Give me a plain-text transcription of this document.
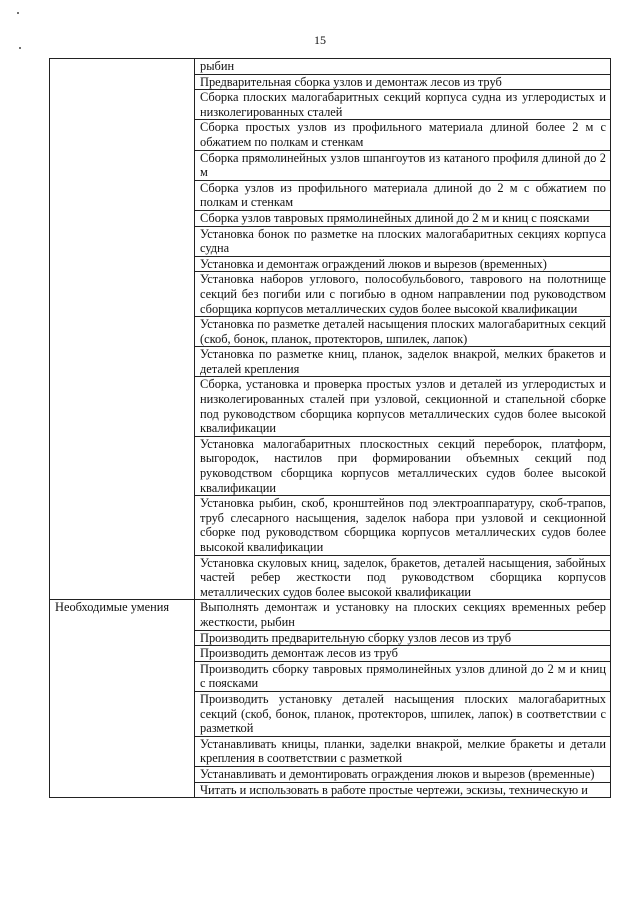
15
	рыбин
	Предварительная сборка узлов и демонтаж лесов из труб
	Сборка плоских малогабаритных секций корпуса судна из углеродистых и низколегированных сталей
	Сборка простых узлов из профильного материала длиной более 2 м с обжатием по полкам и стенкам
	Сборка прямолинейных узлов шпангоутов из катаного профиля длиной до 2 м
	Сборка узлов из профильного материала длиной до 2 м с обжатием по полкам и стенкам
	Сборка узлов тавровых прямолинейных длиной до 2 м и книц с поясками
	Установка бонок по разметке на плоских малогабаритных секциях корпуса судна
	Установка и демонтаж ограждений люков и вырезов (временных)
	Установка наборов углового, полособульбового, таврового на полотнище секций без погиби или с погибью в одном направлении под руководством сборщика корпусов металлических судов более высокой квалификации
	Установка по разметке деталей насыщения плоских малогабаритных секций (скоб, бонок, планок, протекторов, шпилек, лапок)
	Установка по разметке книц, планок, заделок внакрой, мелких бракетов и деталей крепления
	Сборка, установка и проверка простых узлов и деталей из углеродистых и низколегированных сталей при узловой, секционной и стапельной сборке под руководством сборщика корпусов металлических судов более высокой квалификации
	Установка малогабаритных плоскостных секций переборок, платформ, выгородок, настилов при формировании объемных секций под руководством сборщика корпусов металлических судов более высокой квалификации
	Установка рыбин, скоб, кронштейнов под электроаппаратуру, скоб-трапов, труб слесарного насыщения, заделок набора при узловой и секционной сборке под руководством сборщика корпусов металлических судов более высокой квалификации
	Установка скуловых книц, заделок, бракетов, деталей насыщения, забойных частей ребер жесткости под руководством сборщика корпусов металлических судов более высокой квалификации
Необходимые умения	Выполнять демонтаж и установку на плоских секциях временных ребер жесткости, рыбин
	Производить предварительную сборку узлов лесов из труб
	Производить демонтаж лесов из труб
	Производить сборку тавровых прямолинейных узлов длиной до 2 м и книц с поясками
	Производить установку деталей насыщения плоских малогабаритных секций (скоб, бонок, планок, протекторов, шпилек, лапок) в соответствии с разметкой
	Устанавливать кницы, планки, заделки внакрой, мелкие бракеты и детали крепления в соответствии с разметкой
	Устанавливать и демонтировать ограждения люков и вырезов (временные)
	Читать и использовать в работе простые чертежи, эскизы, техническую и
